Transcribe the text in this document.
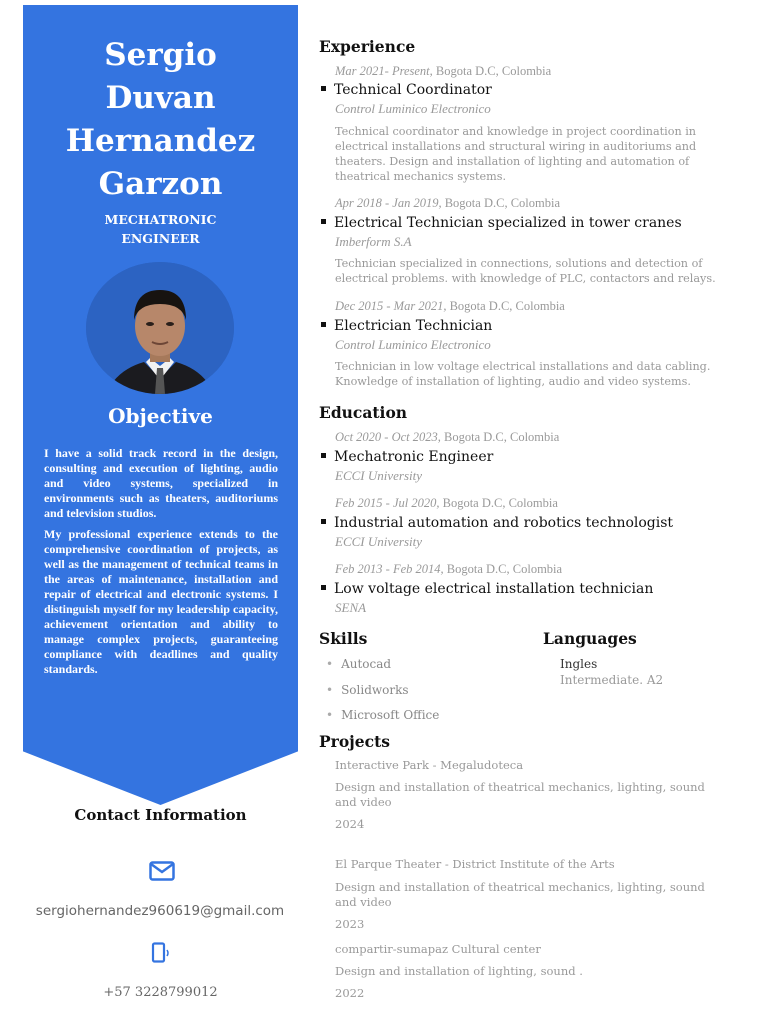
Sergio
Duvan
Hernandez
Garzon
MECHATRONIC
ENGINEER
Objective

I have a solid track record in the design, consulting and execution of lighting, audio and video systems, specialized in environments such as theaters, auditoriums and television studios.

My professional experience extends to the comprehensive coordination of projects, as well as the management of technical teams in the areas of maintenance, installation and repair of electrical and electronic systems. I distinguish myself for my leadership capacity, achievement orientation and ability to manage complex projects, guaranteeing compliance with deadlines and quality standards.

Contact Information
sergiohernandez960619@gmail.com
+57 3228799012
Experience
Mar 2021- Present, Bogota D.C, Colombia
Technical Coordinator
Control Luminico Electronico
Technical coordinator and knowledge in project coordination in electrical installations and structural wiring in auditoriums and theaters. Design and installation of lighting and automation of theatrical mechanics systems.
Apr 2018 - Jan 2019, Bogota D.C, Colombia
Electrical Technician specialized in tower cranes
Imberform S.A
Technician specialized in connections, solutions and detection of electrical problems. with knowledge of PLC, contactors and relays.
Dec 2015 - Mar 2021, Bogota D.C, Colombia
Electrician Technician
Control Luminico Electronico
Technician in low voltage electrical installations and data cabling. Knowledge of installation of lighting, audio and video systems.
Education
Oct 2020 - Oct 2023, Bogota D.C, Colombia
Mechatronic Engineer
ECCI University
Feb 2015 - Jul 2020, Bogota D.C, Colombia
Industrial automation and robotics technologist
ECCI University
Feb 2013 - Feb 2014, Bogota D.C, Colombia
Low voltage electrical installation technician
SENA
Skills
• Autocad
• Solidworks
• Microsoft Office
Languages
Ingles
Intermediate. A2
Projects
Interactive Park - Megaludoteca
Design and installation of theatrical mechanics, lighting, sound and video
2024
El Parque Theater - District Institute of the Arts
Design and installation of theatrical mechanics, lighting, sound and video
2023
compartir-sumapaz Cultural center
Design and installation of lighting, sound .
2022
